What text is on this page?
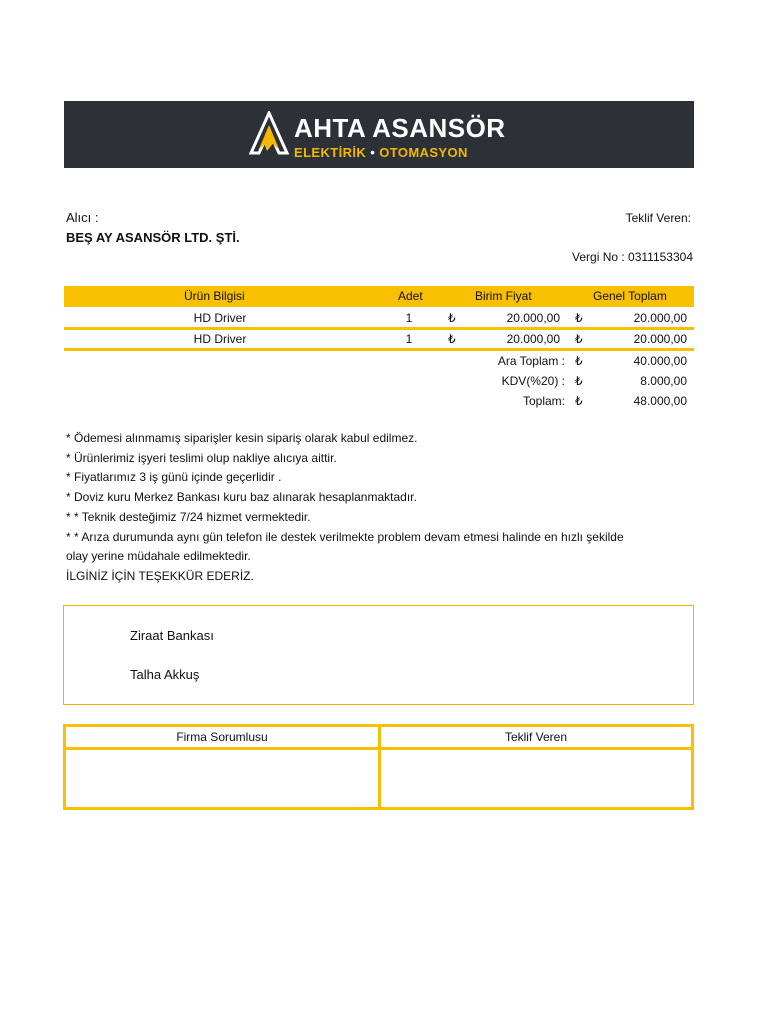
AHTA ASANSÖR
ELEKTİRİK • OTOMASYON
Alıcı :
BEŞ AY ASANSÖR LTD. ŞTİ.
Teklif Veren:
Vergi No : 0311153304
Ürün Bilgisi	Adet	Birim Fiyat	Genel Toplam
HD Driver	1	₺	20.000,00 ₺	20.000,00
HD Driver	1	₺	20.000,00 ₺	20.000,00
Ara Toplam : ₺	40.000,00
KDV(%20) : ₺	8.000,00
Toplam: ₺	48.000,00
* Ödemesi alınmamış siparişler kesin sipariş olarak kabul edilmez.
* Ürünlerimiz işyeri teslimi olup nakliye alıcıya aittir.
* Fiyatlarımız 3 iş günü içinde geçerlidir .
* Doviz kuru Merkez Bankası kuru baz alınarak hesaplanmaktadır.
* * Teknik desteğimiz 7/24 hizmet vermektedir.
* * Arıza durumunda aynı gün telefon ile destek verilmekte problem devam etmesi halinde en hızlı şekilde
olay yerine müdahale edilmektedir.
İLGİNİZ İÇİN TEŞEKKÜR EDERİZ.
Ziraat Bankası
Talha Akkuş
Firma Sorumlusu	Teklif Veren
